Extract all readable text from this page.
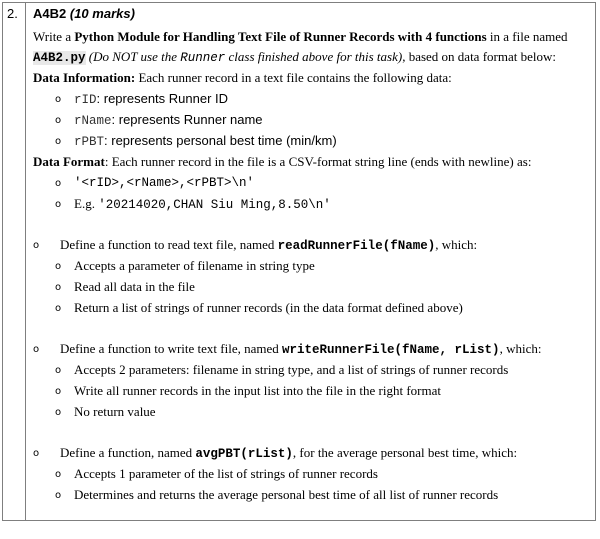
2. A4B2 (10 marks)
Write a Python Module for Handling Text File of Runner Records with 4 functions in a file named
A4B2.py (Do NOT use the Runner class finished above for this task), based on data format below:
Data Information: Each runner record in a text file contains the following data:
o rID: represents Runner ID
o rName: represents Runner name
o rPBT: represents personal best time (min/km)
Data Format: Each runner record in the file is a CSV-format string line (ends with newline) as:
o '<rID>,<rName>,<rPBT>\n'
o E.g. '20214020,CHAN Siu Ming,8.50\n'
o Define a function to read text file, named readRunnerFile(fName), which:
o Accepts a parameter of filename in string type
o Read all data in the file
o Return a list of strings of runner records (in the data format defined above)
o Define a function to write text file, named writeRunnerFile(fName, rList), which:
o Accepts 2 parameters: filename in string type, and a list of strings of runner records
o Write all runner records in the input list into the file in the right format
o No return value
o Define a function, named avgPBT(rList), for the average personal best time, which:
o Accepts 1 parameter of the list of strings of runner records
o Determines and returns the average personal best time of all list of runner records
